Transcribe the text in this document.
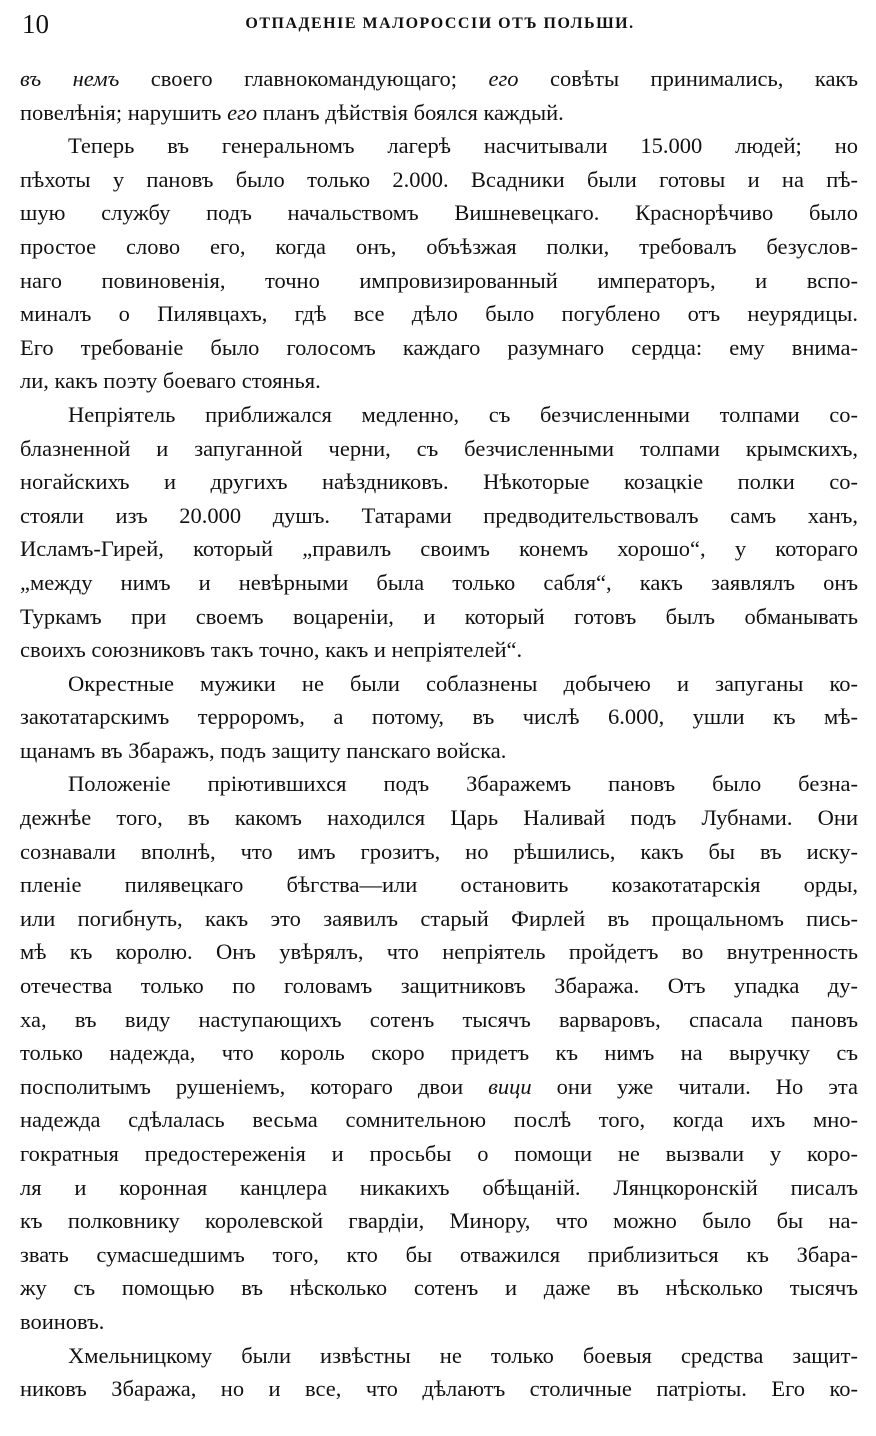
10	ОТПАДЕНІЕ МАЛОРОССІИ ОТЪ ПОЛЬШИ.
въ немъ своего главнокомандующаго; его совѣты принимались, какъ
повелѣнія; нарушить его планъ дѣйствія боялся каждый.
Теперь въ генеральномъ лагерѣ насчитывали 15.000 людей; но
пѣхоты у пановъ было только 2.000. Всадники были готовы и на пѣ-
шую службу подъ начальствомъ Вишневецкаго. Краснорѣчиво было
простое слово его, когда онъ, объѣзжая полки, требовалъ безуслов-
наго повиновенія, точно импровизированный императоръ, и вспо-
миналъ о Пилявцахъ, гдѣ все дѣло было погублено отъ неурядицы.
Его требованіе было голосомъ каждаго разумнаго сердца: ему внима-
ли, какъ поэту боеваго стоянья.
Непріятель приближался медленно, съ безчисленными толпами со-
блазненной и запуганной черни, съ безчисленными толпами крымскихъ,
ногайскихъ и другихъ наѣздниковъ. Нѣкоторые козацкіе полки со-
стояли изъ 20.000 душъ. Татарами предводительствовалъ самъ ханъ,
Исламъ-Гирей, который „правилъ своимъ конемъ хорошо“, у котораго
„между нимъ и невѣрными была только сабля“, какъ заявлялъ онъ
Туркамъ при своемъ воцареніи, и который готовъ былъ обманывать
своихъ союзниковъ такъ точно, какъ и непріятелей“.
Окрестные мужики не были соблазнены добычею и запуганы ко-
закотатарскимъ терроромъ, а потому, въ числѣ 6.000, ушли къ мѣ-
щанамъ въ Збаражъ, подъ защиту панскаго войска.
Положеніе пріютившихся подъ Збаражемъ пановъ было безна-
дежнѣе того, въ какомъ находился Царь Наливай подъ Лубнами. Они
сознавали вполнѣ, что имъ грозитъ, но рѣшились, какъ бы въ иску-
пленіе пилявецкаго бѣгства—или остановить козакотатарскія орды,
или погибнуть, какъ это заявилъ старый Фирлей въ прощальномъ пись-
мѣ къ королю. Онъ увѣрялъ, что непріятель пройдетъ во внутренность
отечества только по головамъ защитниковъ Збаража. Отъ упадка ду-
ха, въ виду наступающихъ сотенъ тысячъ варваровъ, спасала пановъ
только надежда, что король скоро придетъ къ нимъ на выручку съ
посполитымъ рушеніемъ, котораго двои вици они уже читали. Но эта
надежда сдѣлалась весьма сомнительною послѣ того, когда ихъ мно-
гократныя предостереженія и просьбы о помощи не вызвали у коро-
ля и коронная канцлера никакихъ обѣщаній. Лянцкоронскій писалъ
къ полковнику королевской гвардіи, Минору, что можно было бы на-
звать сумасшедшимъ того, кто бы отважился приблизиться къ Збара-
жу съ помощью въ нѣсколько сотенъ и даже въ нѣсколько тысячъ
воиновъ.
Хмельницкому были извѣстны не только боевыя средства защит-
никовъ Збаража, но и все, что дѣлаютъ столичные патріоты. Его ко-
